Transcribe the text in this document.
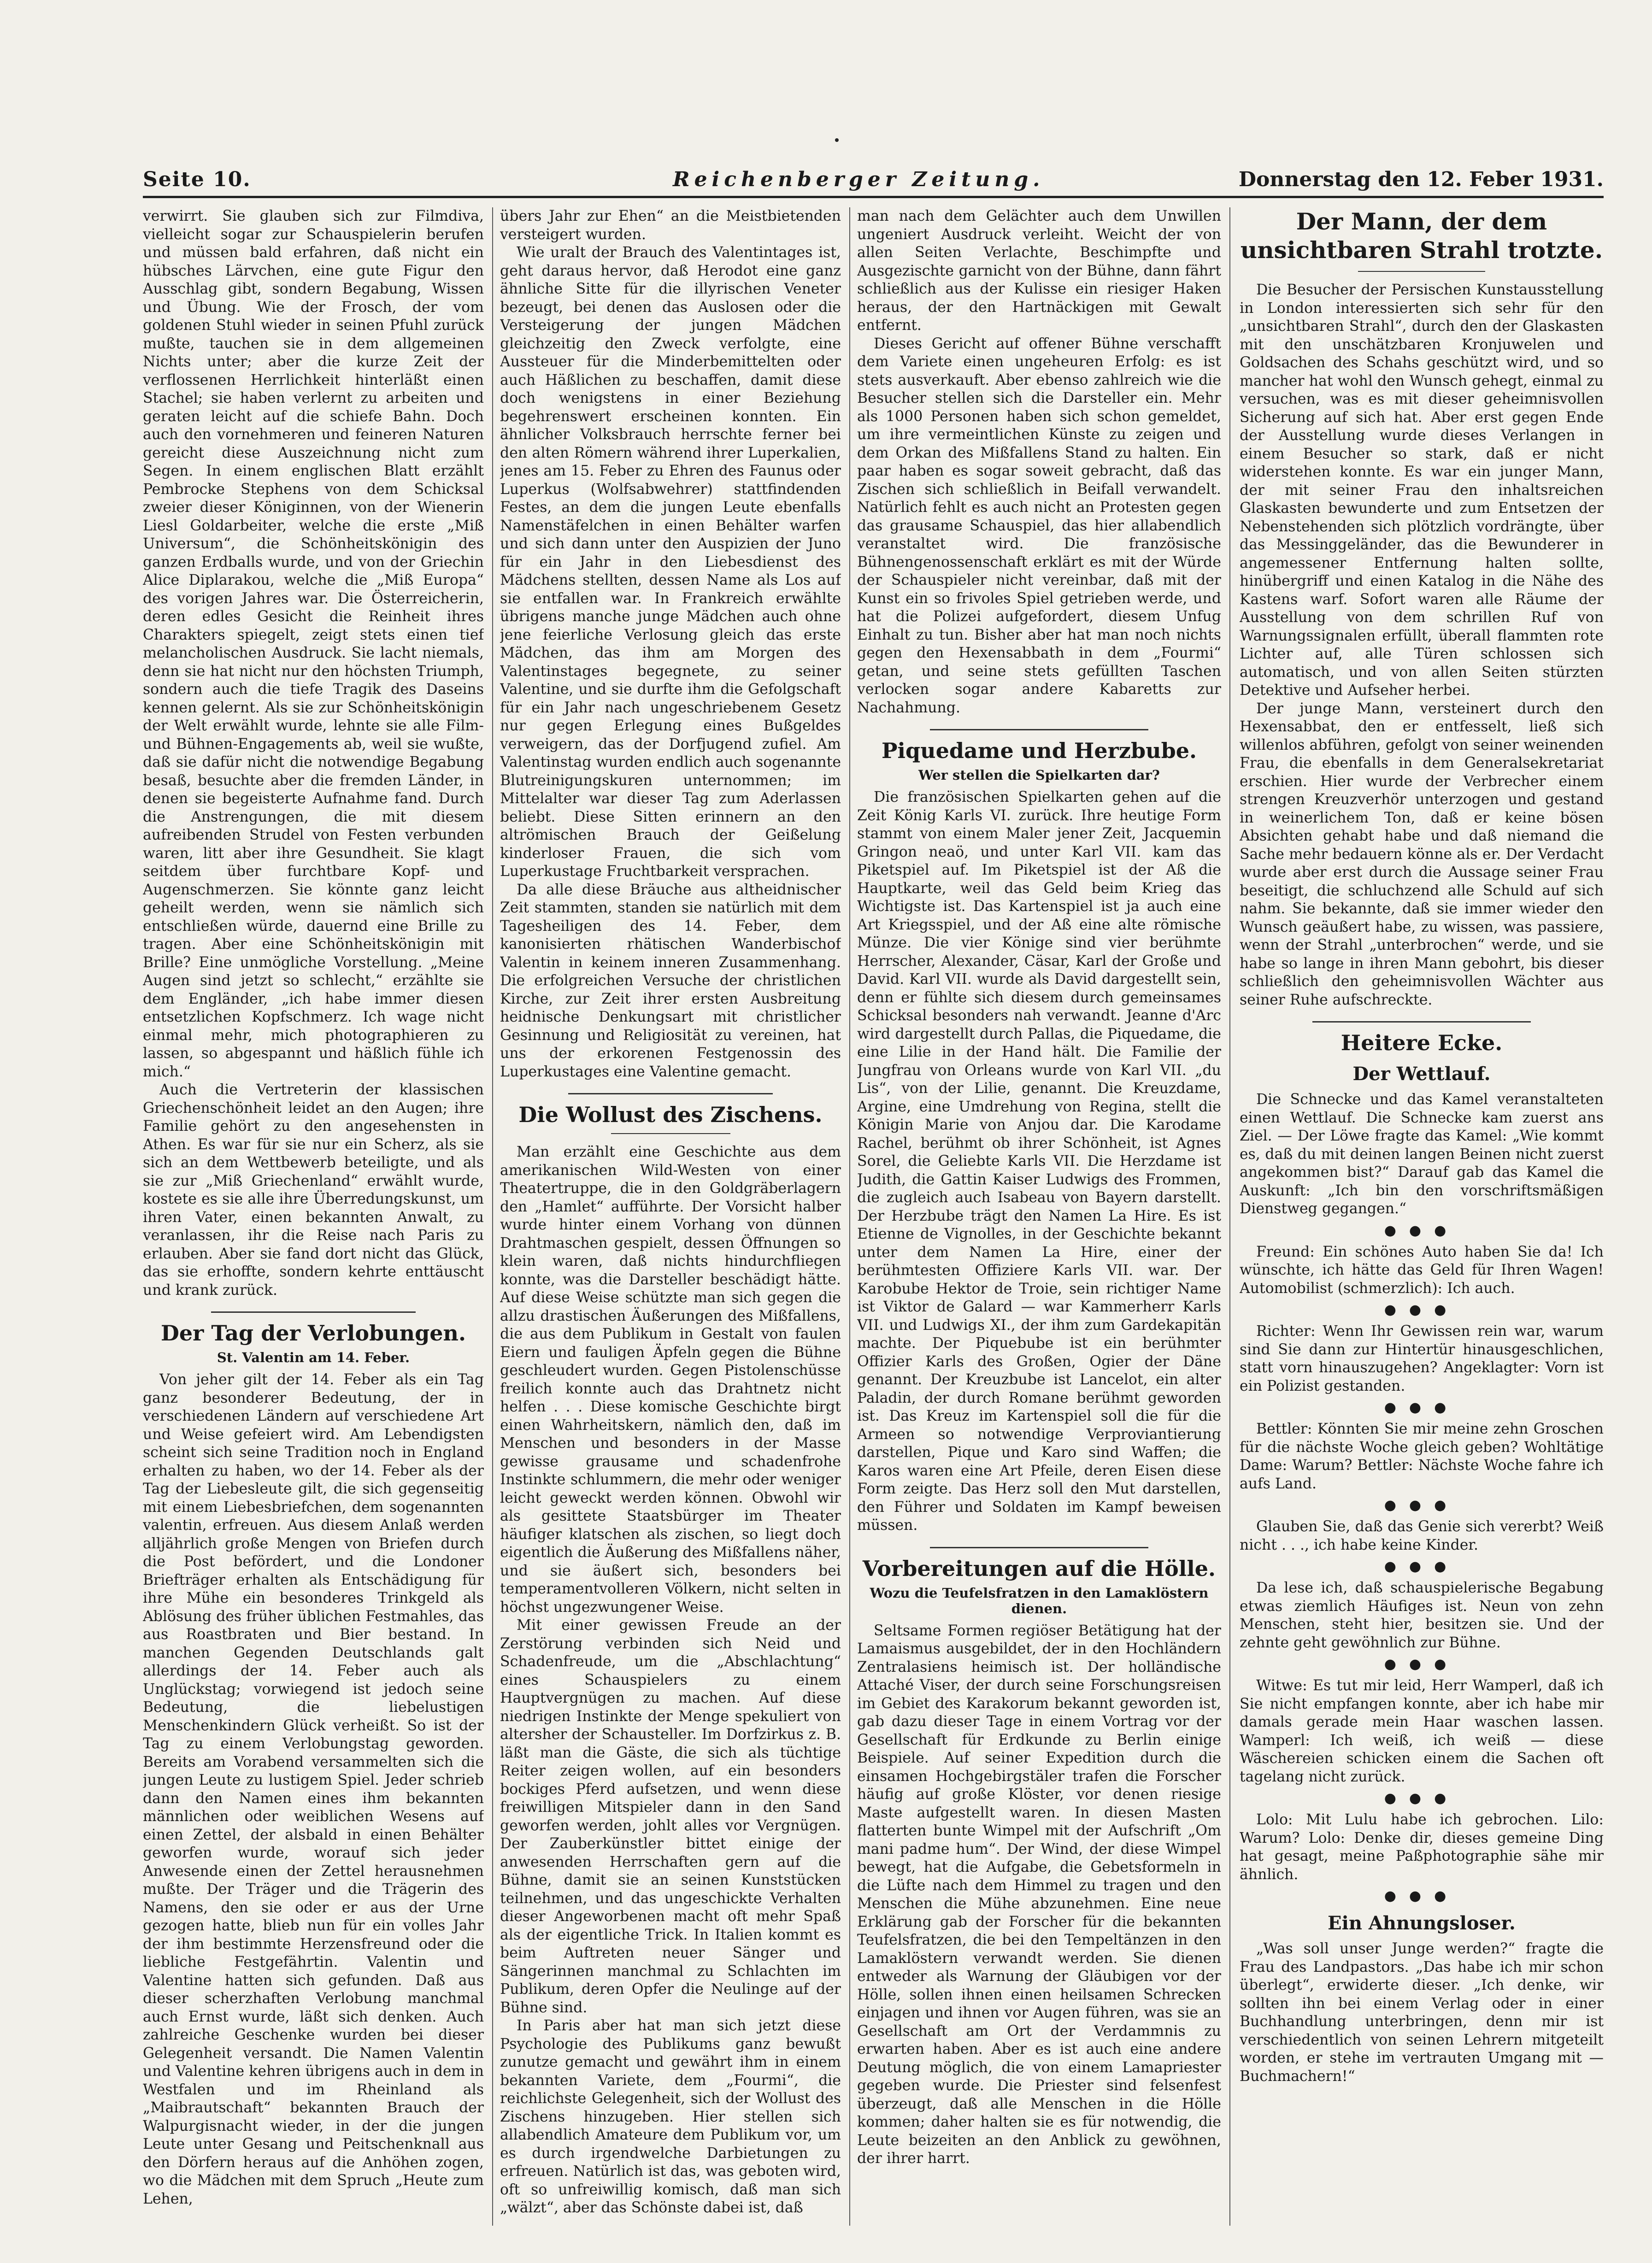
Seite 10.	Reichenberger Zeitung.	Donnerstag den 12. Feber 1931.

verwirrt. Sie glauben sich zur Filmdiva, vielleicht sogar zur Schauspielerin berufen und müssen bald erfahren, daß nicht ein hübsches Lärvchen, eine gute Figur den Ausschlag gibt, sondern Begabung, Wissen und Übung. Wie der Frosch, der vom goldenen Stuhl wieder in seinen Pfuhl zurück mußte, tauchen sie in dem allgemeinen Nichts unter; aber die kurze Zeit der verflossenen Herrlichkeit hinterläßt einen Stachel; sie haben verlernt zu arbeiten und geraten leicht auf die schiefe Bahn. Doch auch den vornehmeren und feineren Naturen gereicht diese Auszeichnung nicht zum Segen. In einem englischen Blatt erzählt Pembrocke Stephens von dem Schicksal zweier dieser Königinnen, von der Wienerin Liesl Goldarbeiter, welche die erste „Miß Universum“, die Schönheitskönigin des ganzen Erdballs wurde, und von der Griechin Alice Diplarakou, welche die „Miß Europa“ des vorigen Jahres war. Die Österreicherin, deren edles Gesicht die Reinheit ihres Charakters spiegelt, zeigt stets einen tief melancholischen Ausdruck. Sie lacht niemals, denn sie hat nicht nur den höchsten Triumph, sondern auch die tiefe Tragik des Daseins kennen gelernt. Als sie zur Schönheitskönigin der Welt erwählt wurde, lehnte sie alle Film- und Bühnen-Engagements ab, weil sie wußte, daß sie dafür nicht die notwendige Begabung besaß, besuchte aber die fremden Länder, in denen sie begeisterte Aufnahme fand. Durch die Anstrengungen, die mit diesem aufreibenden Strudel von Festen verbunden waren, litt aber ihre Gesundheit. Sie klagt seitdem über furchtbare Kopf- und Augenschmerzen. Sie könnte ganz leicht geheilt werden, wenn sie nämlich sich entschließen würde, dauernd eine Brille zu tragen. Aber eine Schönheitskönigin mit Brille? Eine unmögliche Vorstellung. „Meine Augen sind jetzt so schlecht,“ erzählte sie dem Engländer, „ich habe immer diesen entsetzlichen Kopfschmerz. Ich wage nicht einmal mehr, mich photographieren zu lassen, so abgespannt und häßlich fühle ich mich.“

Auch die Vertreterin der klassischen Griechenschönheit leidet an den Augen; ihre Familie gehört zu den angesehensten in Athen. Es war für sie nur ein Scherz, als sie sich an dem Wettbewerb beteiligte, und als sie zur „Miß Griechenland“ erwählt wurde, kostete es sie alle ihre Überredungskunst, um ihren Vater, einen bekannten Anwalt, zu veranlassen, ihr die Reise nach Paris zu erlauben. Aber sie fand dort nicht das Glück, das sie erhoffte, sondern kehrte enttäuscht und krank zurück.

Der Tag der Verlobungen.
St. Valentin am 14. Feber.

Von jeher gilt der 14. Feber als ein Tag ganz besonderer Bedeutung, der in verschiedenen Ländern auf verschiedene Art und Weise gefeiert wird. Am Lebendigsten scheint sich seine Tradition noch in England erhalten zu haben, wo der 14. Feber als der Tag der Liebesleute gilt, die sich gegenseitig mit einem Liebesbriefchen, dem sogenannten valentin, erfreuen. Aus diesem Anlaß werden alljährlich große Mengen von Briefen durch die Post befördert, und die Londoner Briefträger erhalten als Entschädigung für ihre Mühe ein besonderes Trinkgeld als Ablösung des früher üblichen Festmahles, das aus Roastbraten und Bier bestand. In manchen Gegenden Deutschlands galt allerdings der 14. Feber auch als Unglückstag; vorwiegend ist jedoch seine Bedeutung, die liebelustigen Menschenkindern Glück verheißt. So ist der Tag zu einem Verlobungstag geworden. Bereits am Vorabend versammelten sich die jungen Leute zu lustigem Spiel. Jeder schrieb dann den Namen eines ihm bekannten männlichen oder weiblichen Wesens auf einen Zettel, der alsbald in einen Behälter geworfen wurde, worauf sich jeder Anwesende einen der Zettel herausnehmen mußte. Der Träger und die Trägerin des Namens, den sie oder er aus der Urne gezogen hatte, blieb nun für ein volles Jahr der ihm bestimmte Herzensfreund oder die liebliche Festgefährtin. Valentin und Valentine hatten sich gefunden. Daß aus dieser scherzhaften Verlobung manchmal auch Ernst wurde, läßt sich denken. Auch zahlreiche Geschenke wurden bei dieser Gelegenheit versandt. Die Namen Valentin und Valentine kehren übrigens auch in dem in Westfalen und im Rheinland als „Maibrautschaft“ bekannten Brauch der Walpurgisnacht wieder, in der die jungen Leute unter Gesang und Peitschenknall aus den Dörfern heraus auf die Anhöhen zogen, wo die Mädchen mit dem Spruch „Heute zum Lehen,

übers Jahr zur Ehen“ an die Meistbietenden versteigert wurden.

Wie uralt der Brauch des Valentintages ist, geht daraus hervor, daß Herodot eine ganz ähnliche Sitte für die illyrischen Veneter bezeugt, bei denen das Auslosen oder die Versteigerung der jungen Mädchen gleichzeitig den Zweck verfolgte, eine Aussteuer für die Minderbemittelten oder auch Häßlichen zu beschaffen, damit diese doch wenigstens in einer Beziehung begehrenswert erscheinen konnten. Ein ähnlicher Volksbrauch herrschte ferner bei den alten Römern während ihrer Luperkalien, jenes am 15. Feber zu Ehren des Faunus oder Luperkus (Wolfsabwehrer) stattfindenden Festes, an dem die jungen Leute ebenfalls Namenstäfelchen in einen Behälter warfen und sich dann unter den Auspizien der Juno für ein Jahr in den Liebesdienst des Mädchens stellten, dessen Name als Los auf sie entfallen war. In Frankreich erwählte übrigens manche junge Mädchen auch ohne jene feierliche Verlosung gleich das erste Mädchen, das ihm am Morgen des Valentinstages begegnete, zu seiner Valentine, und sie durfte ihm die Gefolgschaft für ein Jahr nach ungeschriebenem Gesetz nur gegen Erlegung eines Bußgeldes verweigern, das der Dorfjugend zufiel. Am Valentinstag wurden endlich auch sogenannte Blutreinigungskuren unternommen; im Mittelalter war dieser Tag zum Aderlassen beliebt. Diese Sitten erinnern an den altrömischen Brauch der Geißelung kinderloser Frauen, die sich vom Luperkustage Fruchtbarkeit versprachen.

Da alle diese Bräuche aus altheidnischer Zeit stammten, standen sie natürlich mit dem Tagesheiligen des 14. Feber, dem kanonisierten rhätischen Wanderbischof Valentin in keinem inneren Zusammenhang. Die erfolgreichen Versuche der christlichen Kirche, zur Zeit ihrer ersten Ausbreitung heidnische Denkungsart mit christlicher Gesinnung und Religiosität zu vereinen, hat uns der erkorenen Festgenossin des Luperkustages eine Valentine gemacht.

Die Wollust des Zischens.

Man erzählt eine Geschichte aus dem amerikanischen Wild-Westen von einer Theatertruppe, die in den Goldgräberlagern den „Hamlet“ aufführte. Der Vorsicht halber wurde hinter einem Vorhang von dünnen Drahtmaschen gespielt, dessen Öffnungen so klein waren, daß nichts hindurchfliegen konnte, was die Darsteller beschädigt hätte. Auf diese Weise schützte man sich gegen die allzu drastischen Äußerungen des Mißfallens, die aus dem Publikum in Gestalt von faulen Eiern und fauligen Äpfeln gegen die Bühne geschleudert wurden. Gegen Pistolenschüsse freilich konnte auch das Drahtnetz nicht helfen . . . Diese komische Geschichte birgt einen Wahrheitskern, nämlich den, daß im Menschen und besonders in der Masse gewisse grausame und schadenfrohe Instinkte schlummern, die mehr oder weniger leicht geweckt werden können. Obwohl wir als gesittete Staatsbürger im Theater häufiger klatschen als zischen, so liegt doch eigentlich die Äußerung des Mißfallens näher, und sie äußert sich, besonders bei temperamentvolleren Völkern, nicht selten in höchst ungezwungener Weise.

Mit einer gewissen Freude an der Zerstörung verbinden sich Neid und Schadenfreude, um die „Abschlachtung“ eines Schauspielers zu einem Hauptvergnügen zu machen. Auf diese niedrigen Instinkte der Menge spekuliert von altersher der Schausteller. Im Dorfzirkus z. B. läßt man die Gäste, die sich als tüchtige Reiter zeigen wollen, auf ein besonders bockiges Pferd aufsetzen, und wenn diese freiwilligen Mitspieler dann in den Sand geworfen werden, johlt alles vor Vergnügen. Der Zauberkünstler bittet einige der anwesenden Herrschaften gern auf die Bühne, damit sie an seinen Kunststücken teilnehmen, und das ungeschickte Verhalten dieser Angeworbenen macht oft mehr Spaß als der eigentliche Trick. In Italien kommt es beim Auftreten neuer Sänger und Sängerinnen manchmal zu Schlachten im Publikum, deren Opfer die Neulinge auf der Bühne sind.

In Paris aber hat man sich jetzt diese Psychologie des Publikums ganz bewußt zunutze gemacht und gewährt ihm in einem bekannten Variete, dem „Fourmi“, die reichlichste Gelegenheit, sich der Wollust des Zischens hinzugeben. Hier stellen sich allabendlich Amateure dem Publikum vor, um es durch irgendwelche Darbietungen zu erfreuen. Natürlich ist das, was geboten wird, oft so unfreiwillig komisch, daß man sich „wälzt“, aber das Schönste dabei ist, daß

man nach dem Gelächter auch dem Unwillen ungeniert Ausdruck verleiht. Weicht der von allen Seiten Verlachte, Beschimpfte und Ausgezischte garnicht von der Bühne, dann fährt schließlich aus der Kulisse ein riesiger Haken heraus, der den Hartnäckigen mit Gewalt entfernt.

Dieses Gericht auf offener Bühne verschafft dem Variete einen ungeheuren Erfolg: es ist stets ausverkauft. Aber ebenso zahlreich wie die Besucher stellen sich die Darsteller ein. Mehr als 1000 Personen haben sich schon gemeldet, um ihre vermeintlichen Künste zu zeigen und dem Orkan des Mißfallens Stand zu halten. Ein paar haben es sogar soweit gebracht, daß das Zischen sich schließlich in Beifall verwandelt. Natürlich fehlt es auch nicht an Protesten gegen das grausame Schauspiel, das hier allabendlich veranstaltet wird. Die französische Bühnengenossenschaft erklärt es mit der Würde der Schauspieler nicht vereinbar, daß mit der Kunst ein so frivoles Spiel getrieben werde, und hat die Polizei aufgefordert, diesem Unfug Einhalt zu tun. Bisher aber hat man noch nichts gegen den Hexensabbath in dem „Fourmi“ getan, und seine stets gefüllten Taschen verlocken sogar andere Kabaretts zur Nachahmung.

Piquedame und Herzbube.
Wer stellen die Spielkarten dar?

Die französischen Spielkarten gehen auf die Zeit König Karls VI. zurück. Ihre heutige Form stammt von einem Maler jener Zeit, Jacquemin Gringon neaö, und unter Karl VII. kam das Piketspiel auf. Im Piketspiel ist der Aß die Hauptkarte, weil das Geld beim Krieg das Wichtigste ist. Das Kartenspiel ist ja auch eine Art Kriegsspiel, und der Aß eine alte römische Münze. Die vier Könige sind vier berühmte Herrscher, Alexander, Cäsar, Karl der Große und David. Karl VII. wurde als David dargestellt sein, denn er fühlte sich diesem durch gemeinsames Schicksal besonders nah verwandt. Jeanne d'Arc wird dargestellt durch Pallas, die Piquedame, die eine Lilie in der Hand hält. Die Familie der Jungfrau von Orleans wurde von Karl VII. „du Lis“, von der Lilie, genannt. Die Kreuzdame, Argine, eine Umdrehung von Regina, stellt die Königin Marie von Anjou dar. Die Karodame Rachel, berühmt ob ihrer Schönheit, ist Agnes Sorel, die Geliebte Karls VII. Die Herzdame ist Judith, die Gattin Kaiser Ludwigs des Frommen, die zugleich auch Isabeau von Bayern darstellt. Der Herzbube trägt den Namen La Hire. Es ist Etienne de Vignolles, in der Geschichte bekannt unter dem Namen La Hire, einer der berühmtesten Offiziere Karls VII. war. Der Karobube Hektor de Troie, sein richtiger Name ist Viktor de Galard — war Kammerherr Karls VII. und Ludwigs XI., der ihm zum Gardekapitän machte. Der Piquebube ist ein berühmter Offizier Karls des Großen, Ogier der Däne genannt. Der Kreuzbube ist Lancelot, ein alter Paladin, der durch Romane berühmt geworden ist. Das Kreuz im Kartenspiel soll die für die Armeen so notwendige Verproviantierung darstellen, Pique und Karo sind Waffen; die Karos waren eine Art Pfeile, deren Eisen diese Form zeigte. Das Herz soll den Mut darstellen, den Führer und Soldaten im Kampf beweisen müssen.

Vorbereitungen auf die Hölle.
Wozu die Teufelsfratzen in den Lamaklöstern dienen.

Seltsame Formen regiöser Betätigung hat der Lamaismus ausgebildet, der in den Hochländern Zentralasiens heimisch ist. Der holländische Attaché Viser, der durch seine Forschungsreisen im Gebiet des Karakorum bekannt geworden ist, gab dazu dieser Tage in einem Vortrag vor der Gesellschaft für Erdkunde zu Berlin einige Beispiele. Auf seiner Expedition durch die einsamen Hochgebirgstäler trafen die Forscher häufig auf große Klöster, vor denen riesige Maste aufgestellt waren. In diesen Masten flatterten bunte Wimpel mit der Aufschrift „Om mani padme hum“. Der Wind, der diese Wimpel bewegt, hat die Aufgabe, die Gebetsformeln in die Lüfte nach dem Himmel zu tragen und den Menschen die Mühe abzunehmen. Eine neue Erklärung gab der Forscher für die bekannten Teufelsfratzen, die bei den Tempeltänzen in den Lamaklöstern verwandt werden. Sie dienen entweder als Warnung der Gläubigen vor der Hölle, sollen ihnen einen heilsamen Schrecken einjagen und ihnen vor Augen führen, was sie an Gesellschaft am Ort der Verdammnis zu erwarten haben. Aber es ist auch eine andere Deutung möglich, die von einem Lamapriester gegeben wurde. Die Priester sind felsenfest überzeugt, daß alle Menschen in die Hölle kommen; daher halten sie es für notwendig, die Leute beizeiten an den Anblick zu gewöhnen, der ihrer harrt.

Der Mann, der dem unsichtbaren Strahl trotzte.

Die Besucher der Persischen Kunstausstellung in London interessierten sich sehr für den „unsichtbaren Strahl“, durch den der Glaskasten mit den unschätzbaren Kronjuwelen und Goldsachen des Schahs geschützt wird, und so mancher hat wohl den Wunsch gehegt, einmal zu versuchen, was es mit dieser geheimnisvollen Sicherung auf sich hat. Aber erst gegen Ende der Ausstellung wurde dieses Verlangen in einem Besucher so stark, daß er nicht widerstehen konnte. Es war ein junger Mann, der mit seiner Frau den inhaltsreichen Glaskasten bewunderte und zum Entsetzen der Nebenstehenden sich plötzlich vordrängte, über das Messinggeländer, das die Bewunderer in angemessener Entfernung halten sollte, hinübergriff und einen Katalog in die Nähe des Kastens warf. Sofort waren alle Räume der Ausstellung von dem schrillen Ruf von Warnungssignalen erfüllt, überall flammten rote Lichter auf, alle Türen schlossen sich automatisch, und von allen Seiten stürzten Detektive und Aufseher herbei.

Der junge Mann, versteinert durch den Hexensabbat, den er entfesselt, ließ sich willenlos abführen, gefolgt von seiner weinenden Frau, die ebenfalls in dem Generalsekretariat erschien. Hier wurde der Verbrecher einem strengen Kreuzverhör unterzogen und gestand in weinerlichem Ton, daß er keine bösen Absichten gehabt habe und daß niemand die Sache mehr bedauern könne als er. Der Verdacht wurde aber erst durch die Aussage seiner Frau beseitigt, die schluchzend alle Schuld auf sich nahm. Sie bekannte, daß sie immer wieder den Wunsch geäußert habe, zu wissen, was passiere, wenn der Strahl „unterbrochen“ werde, und sie habe so lange in ihren Mann gebohrt, bis dieser schließlich den geheimnisvollen Wächter aus seiner Ruhe aufschreckte.

Heitere Ecke.
Der Wettlauf.

Die Schnecke und das Kamel veranstalteten einen Wettlauf. Die Schnecke kam zuerst ans Ziel. — Der Löwe fragte das Kamel: „Wie kommt es, daß du mit deinen langen Beinen nicht zuerst angekommen bist?“ Darauf gab das Kamel die Auskunft: „Ich bin den vorschriftsmäßigen Dienstweg gegangen.“

●●●

Freund: Ein schönes Auto haben Sie da! Ich wünschte, ich hätte das Geld für Ihren Wagen! Automobilist (schmerzlich): Ich auch.

●●●

Richter: Wenn Ihr Gewissen rein war, warum sind Sie dann zur Hintertür hinausgeschlichen, statt vorn hinauszugehen? Angeklagter: Vorn ist ein Polizist gestanden.

●●●

Bettler: Könnten Sie mir meine zehn Groschen für die nächste Woche gleich geben? Wohltätige Dame: Warum? Bettler: Nächste Woche fahre ich aufs Land.

●●●

Glauben Sie, daß das Genie sich vererbt? Weiß nicht . . ., ich habe keine Kinder.

●●●

Da lese ich, daß schauspielerische Begabung etwas ziemlich Häufiges ist. Neun von zehn Menschen, steht hier, besitzen sie. Und der zehnte geht gewöhnlich zur Bühne.

●●●

Witwe: Es tut mir leid, Herr Wamperl, daß ich Sie nicht empfangen konnte, aber ich habe mir damals gerade mein Haar waschen lassen. Wamperl: Ich weiß, ich weiß — diese Wäschereien schicken einem die Sachen oft tagelang nicht zurück.

●●●

Lolo: Mit Lulu habe ich gebrochen. Lilo: Warum? Lolo: Denke dir, dieses gemeine Ding hat gesagt, meine Paßphotographie sähe mir ähnlich.

●●●
Ein Ahnungsloser.

„Was soll unser Junge werden?“ fragte die Frau des Landpastors. „Das habe ich mir schon überlegt“, erwiderte dieser. „Ich denke, wir sollten ihn bei einem Verlag oder in einer Buchhandlung unterbringen, denn mir ist verschiedentlich von seinen Lehrern mitgeteilt worden, er stehe im vertrauten Umgang mit — Buchmachern!“
